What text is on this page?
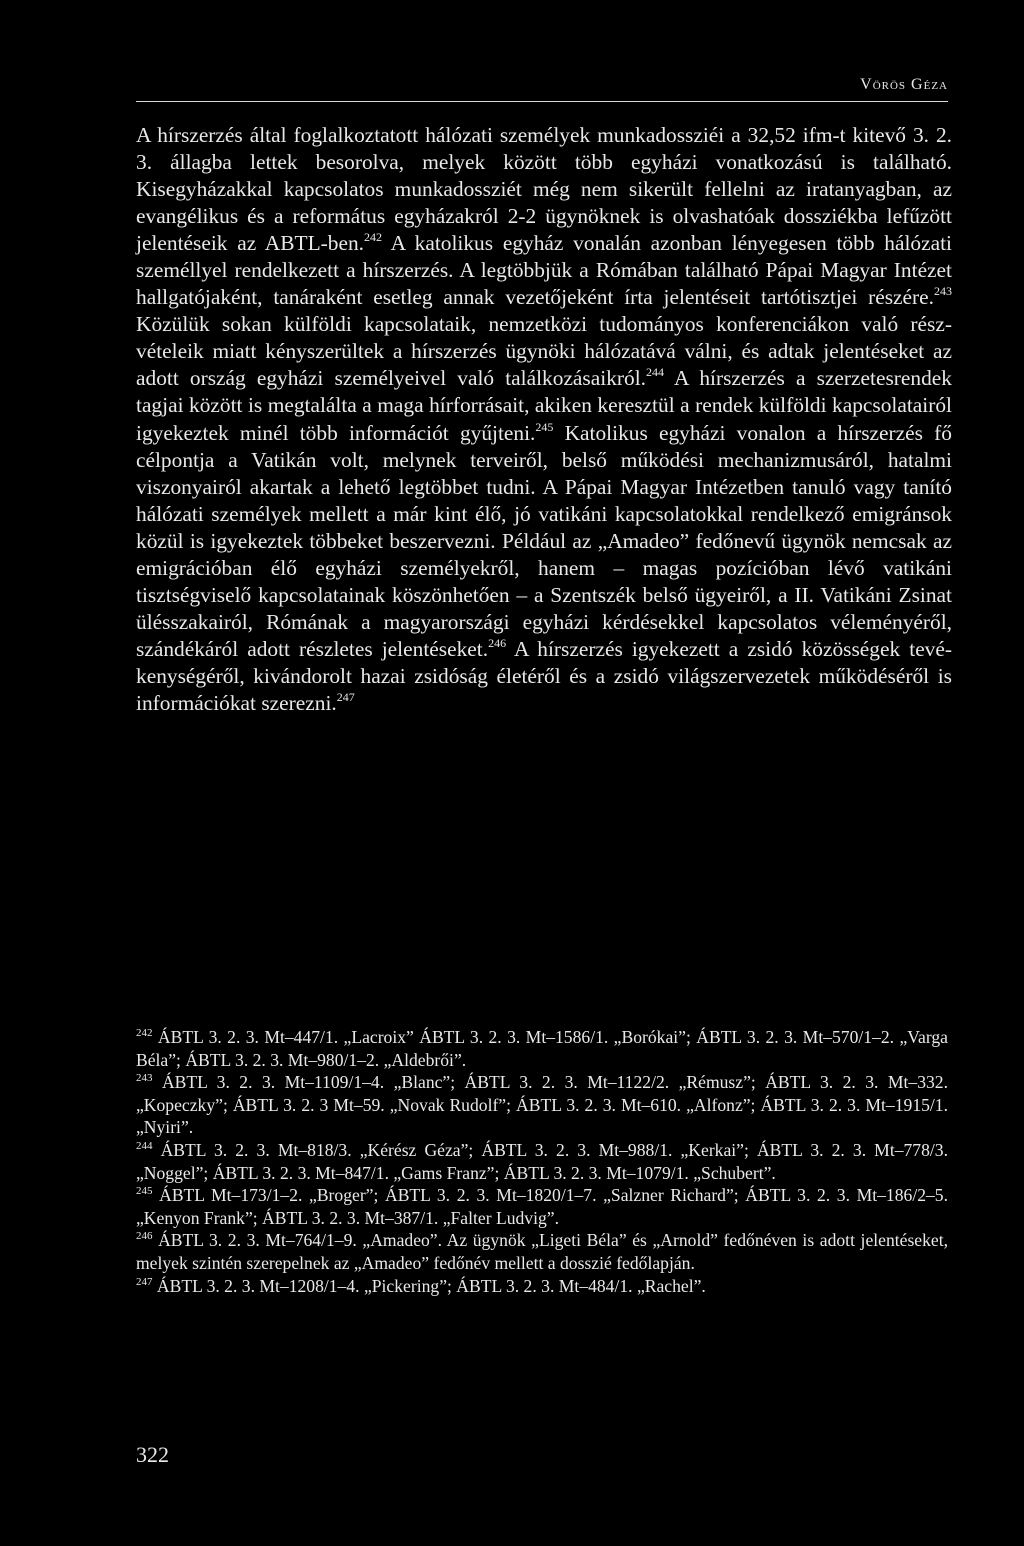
Vörös Géza

A hírszerzés által foglalkoztatott hálózati személyek munkadossziéi a 32,52 ifm-t kitevő 3. 2. 3. állagba lettek besorolva, melyek között több egyházi vonatkozású is található. Kisegyházakkal kapcsolatos munkadossziét még nem sikerült fellelni az iratanyagban, az evangélikus és a református egyházakról 2-2 ügynöknek is olvashatóak dossziékba lefűzött jelentéseik az ABTL-ben.$^{242}$ A katolikus egyház vonalán azonban lényegesen több hálózati személlyel rendelkezett a hírszerzés. A legtöbbjük a Rómában található Pápai Magyar Intézet hallgatójaként, tanáraként esetleg annak vezetőjeként írta jelentéseit tartótisztjei részére.$^{243}$ Közülük sokan külföldi kapcsolataik, nemzetközi tudományos konferenciákon való részvételeik miatt kényszerültek a hírszerzés ügynöki hálózatává válni, és adtak jelentéseket az adott ország egyházi személyeivel való találkozásaikról.$^{244}$ A hírszerzés a szerzetesrendek tagjai között is megtalálta a maga hírforrásait, akiken keresztül a rendek külföldi kapcsolatairól igyekeztek minél több információt gyűjteni.$^{245}$ Katolikus egyházi vonalon a hírszerzés fő célpontja a Vatikán volt, melynek terveiről, belső működési mechanizmusáról, hatalmi viszonyairól akartak a lehető legtöbbet tudni. A Pápai Magyar Intézetben tanuló vagy tanító hálózati személyek mellett a már kint élő, jó vatikáni kapcsolatokkal rendelkező emigránsok közül is igyekeztek többeket beszervezni. Például az „Amadeo” fedőnevű ügynök nemcsak az emigrációban élő egyházi személyekről, hanem – magas pozícióban lévő vatikáni tisztségviselő kapcsolatainak köszönhetően – a Szentszék belső ügyeiről, a II. Vatikáni Zsinat ülésszakairól, Rómának a magyarországi egyházi kérdésekkel kapcsolatos véleményéről, szándékáról adott részletes jelentéseket.$^{246}$ A hírszerzés igyekezett a zsidó közösségek tevékenységéről, kivándorolt hazai zsidóság életéről és a zsidó világszervezetek működéséről is információkat szerezni.$^{247}$

$^{242}$ ÁBTL 3. 2. 3. Mt–447/1. „Lacroix” ÁBTL 3. 2. 3. Mt–1586/1. „Borókai”; ÁBTL 3. 2. 3. Mt–570/1–2. „Varga Béla”; ÁBTL 3. 2. 3. Mt–980/1–2. „Aldebrői”.

$^{243}$ ÁBTL 3. 2. 3. Mt–1109/1–4. „Blanc”; ÁBTL 3. 2. 3. Mt–1122/2. „Rémusz”; ÁBTL 3. 2. 3. Mt–332. „Kopeczky”; ÁBTL 3. 2. 3 Mt–59. „Novak Rudolf”; ÁBTL 3. 2. 3. Mt–610. „Alfonz”; ÁBTL 3. 2. 3. Mt–1915/1. „Nyiri”.

$^{244}$ ÁBTL 3. 2. 3. Mt–818/3. „Kérész Géza”; ÁBTL 3. 2. 3. Mt–988/1. „Kerkai”; ÁBTL 3. 2. 3. Mt–778/3. „Noggel”; ÁBTL 3. 2. 3. Mt–847/1. „Gams Franz”; ÁBTL 3. 2. 3. Mt–1079/1. „Schubert”.

$^{245}$ ÁBTL Mt–173/1–2. „Broger”; ÁBTL 3. 2. 3. Mt–1820/1–7. „Salzner Richard”; ÁBTL 3. 2. 3. Mt–186/2–5. „Kenyon Frank”; ÁBTL 3. 2. 3. Mt–387/1. „Falter Ludvig”.

$^{246}$ ÁBTL 3. 2. 3. Mt–764/1–9. „Amadeo”. Az ügynök „Ligeti Béla” és „Arnold” fedőnéven is adott jelentéseket, melyek szintén szerepelnek az „Amadeo” fedőnév mellett a dosszié fedőlapján.

$^{247}$ ÁBTL 3. 2. 3. Mt–1208/1–4. „Pickering”; ÁBTL 3. 2. 3. Mt–484/1. „Rachel”.

322
